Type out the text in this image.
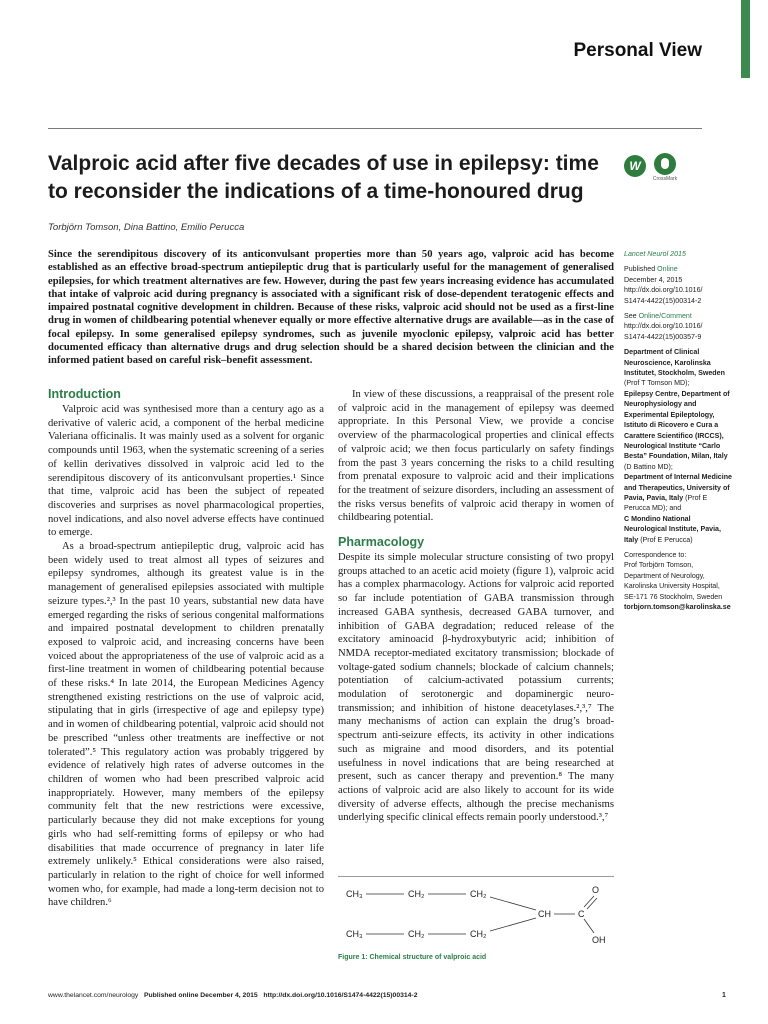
Personal View
Valproic acid after five decades of use in epilepsy: time to reconsider the indications of a time-honoured drug
W
CrossMark
Torbjörn Tomson, Dina Battino, Emilio Perucca
Since the serendipitous discovery of its anticonvulsant properties more than 50 years ago, valproic acid has become established as an effective broad-spectrum antiepileptic drug that is particularly useful for the management of generalised epilepsies, for which treatment alternatives are few. However, during the past few years increasing evidence has accumulated that intake of valproic acid during pregnancy is associated with a significant risk of dose-dependent teratogenic effects and impaired postnatal cognitive development in children. Because of these risks, valproic acid should not be used as a first-line drug in women of childbearing potential whenever equally or more effective alternative drugs are available—as in the case of focal epilepsy. In some generalised epilepsy syndromes, such as juvenile myoclonic epilepsy, valproic acid has better documented efficacy than alternative drugs and drug selection should be a shared decision between the clinician and the informed patient based on careful risk–benefit assessment.

Introduction

Valproic acid was synthesised more than a century ago as a derivative of valeric acid, a component of the herbal medicine Valeriana officinalis. It was mainly used as a solvent for organic compounds until 1963, when the systematic screening of a series of kellin derivatives dissolved in valproic acid led to the serendipitous discovery of its anticonvulsant properties.¹ Since that time, valproic acid has been the subject of repeated discoveries and surprises as novel pharmacological properties, novel indications, and also novel adverse effects have continued to emerge.

As a broad-spectrum antiepileptic drug, valproic acid has been widely used to treat almost all types of seizures and epilepsy syndromes, although its greatest value is in the management of generalised epilepsies associated with multiple seizure types.²,³ In the past 10 years, substantial new data have emerged regarding the risks of serious congenital malformations and impaired postnatal development to children prenatally exposed to valproic acid, and increasing concerns have been voiced about the appropriateness of the use of valproic acid as a first-line treatment in women of childbearing potential because of these risks.⁴ In late 2014, the European Medicines Agency strengthened existing restrictions on the use of valproic acid, stipulating that in girls (irrespective of age and epilepsy type) and in women of childbearing potential, valproic acid should not be prescribed “unless other treatments are ineffective or not tolerated”.⁵ This regulatory action was probably triggered by evidence of relatively high rates of adverse outcomes in the children of women who had been prescribed valproic acid inappropriately. However, many members of the epilepsy community felt that the new restrictions were excessive, particularly because they did not make exceptions for young girls who had self-remitting forms of epilepsy or who had disabilities that made occurrence of pregnancy in later life extremely unlikely.⁵ Ethical considerations were also raised, particularly in relation to the right of choice for well informed women who, for example, had made a long-term decision not to have children.⁶

In view of these discussions, a reappraisal of the present role of valproic acid in the management of epilepsy was deemed appropriate. In this Personal View, we provide a concise overview of the pharmacological properties and clinical effects of valproic acid; we then focus particularly on safety findings from the past 3 years concerning the risks to a child resulting from prenatal exposure to valproic acid and their implications for the treatment of seizure disorders, including an assessment of the risks versus benefits of valproic acid therapy in women of childbearing potential.

Pharmacology

Despite its simple molecular structure consisting of two propyl groups attached to an acetic acid moiety (figure 1), valproic acid has a complex pharmacology. Actions for valproic acid reported so far include potentiation of GABA transmission through increased GABA synthesis, decreased GABA turnover, and inhibition of GABA degradation; reduced release of the excitatory aminoacid β-hydroxybutyric acid; inhibition of NMDA receptor-mediated excitatory transmission; blockade of voltage-gated sodium channels; blockade of calcium channels; potentiation of calcium-activated potassium currents; modulation of serotonergic and dopaminergic neuro-transmission; and inhibition of histone deacetylases.²,³,⁷ The many mechanisms of action can explain the drug’s broad-spectrum anti-seizure effects, its activity in other indications such as migraine and mood disorders, and its potential usefulness in novel indications that are being researched at present, such as cancer therapy and prevention.⁸ The many actions of valproic acid are also likely to account for its wide diversity of adverse effects, although the precise mechanisms underlying specific clinical effects remain poorly understood.³,⁷

CH₃	CH₂	CH₂
CH	C
O
OH
CH₃	CH₂	CH₂
Figure 1: Chemical structure of valproic acid

Lancet Neurol 2015

Published Online

December 4, 2015

http://dx.doi.org/10.1016/

S1474-4422(15)00314-2

See Online/Comment

http://dx.doi.org/10.1016/

S1474-4422(15)00357-9

Department of Clinical Neuroscience, Karolinska Institutet, Stockholm, Sweden (Prof T Tomson MD);

Epilepsy Centre, Department of Neurophysiology and Experimental Epileptology, Istituto di Ricovero e Cura a Carattere Scientifico (IRCCS), Neurological Institute “Carlo Besta” Foundation, Milan, Italy (D Battino MD);

Department of Internal Medicine and Therapeutics, University of Pavia, Pavia, Italy (Prof E Perucca MD); and

C Mondino National Neurological Institute, Pavia, Italy (Prof E Perucca)

Correspondence to:

Prof Torbjörn Tomson,

Department of Neurology,

Karolinska University Hospital,

SE-171 76 Stockholm, Sweden

torbjorn.tomson@karolinska.se

www.thelancet.com/neurology Published online December 4, 2015 http://dx.doi.org/10.1016/S1474-4422(15)00314-2	1
